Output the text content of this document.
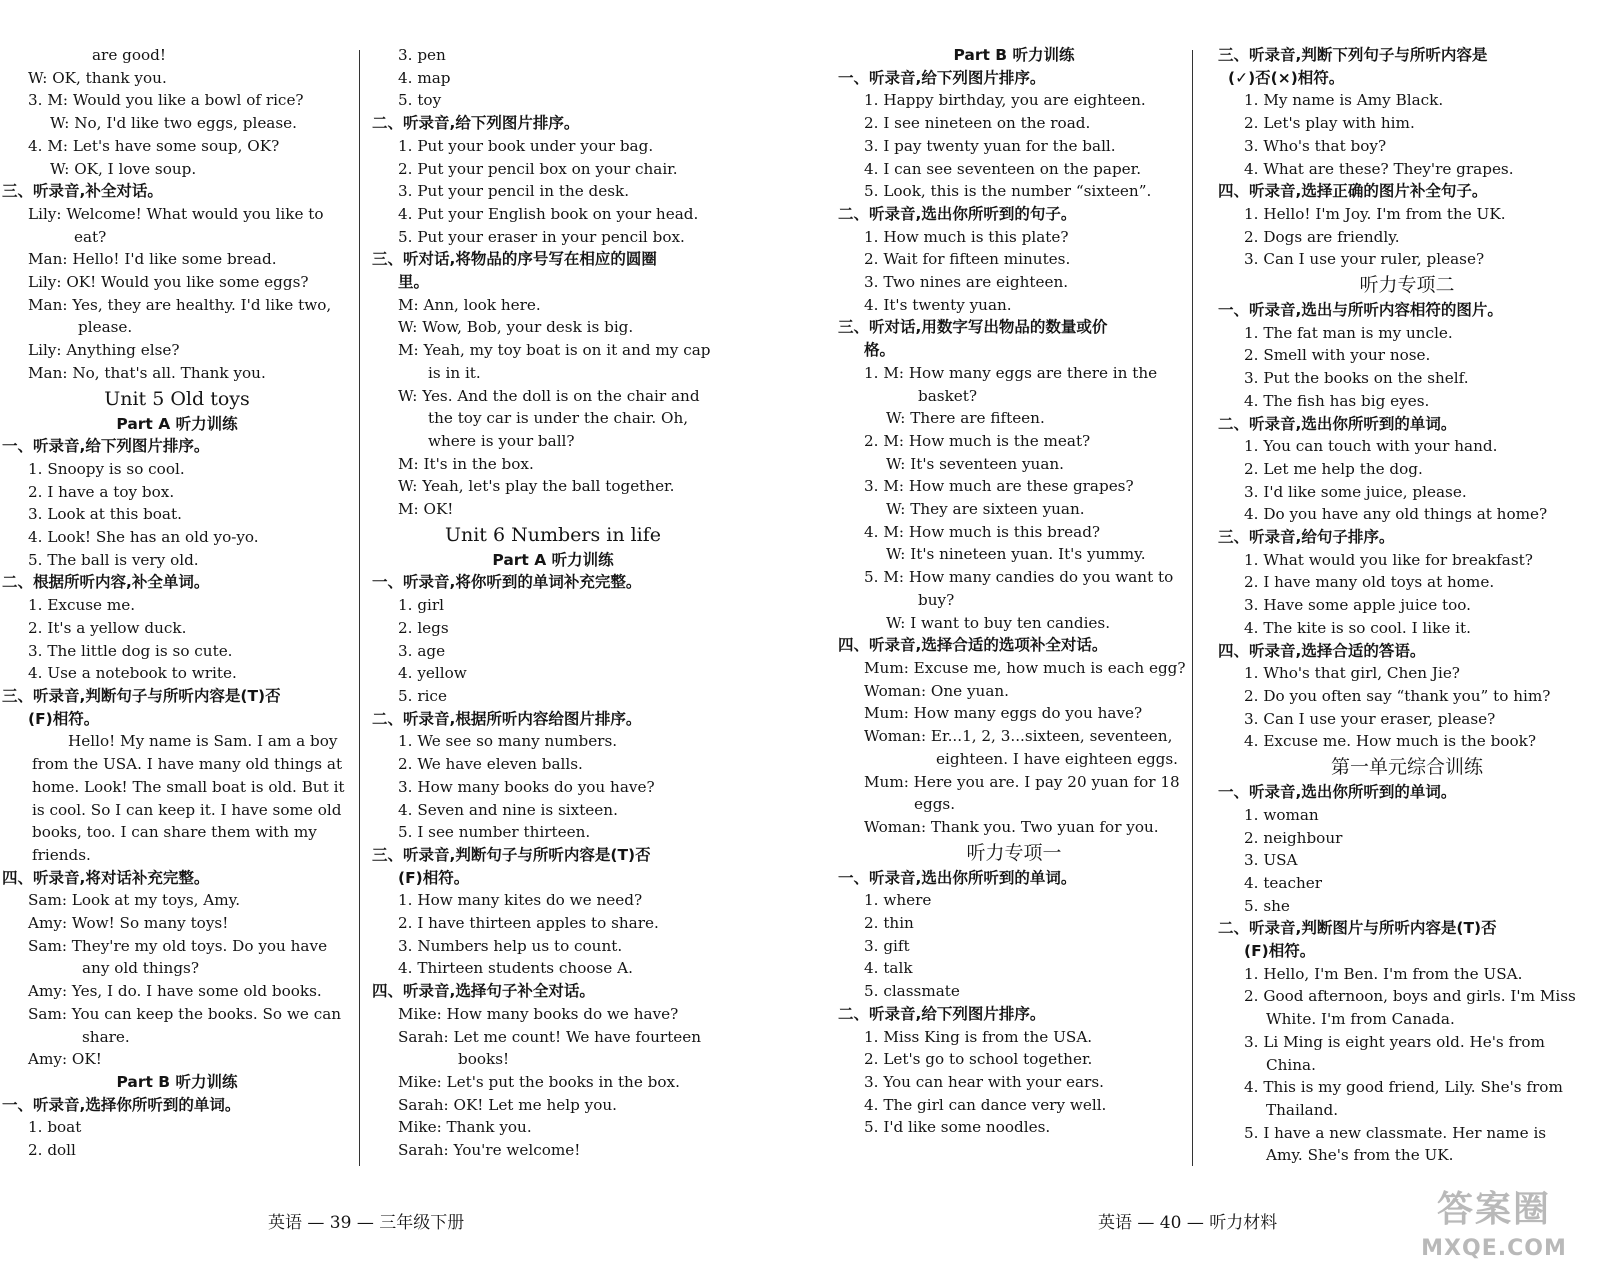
are good!
W: OK, thank you.
3. M: Would you like a bowl of rice?
W: No, I'd like two eggs, please.
4. M: Let's have some soup, OK?
W: OK, I love soup.
三、听录音,补全对话。
Lily: Welcome! What would you like to
eat?
Man: Hello! I'd like some bread.
Lily: OK! Would you like some eggs?
Man: Yes, they are healthy. I'd like two,
please.
Lily: Anything else?
Man: No, that's all. Thank you.
Unit 5 Old toys
Part A 听力训练
一、听录音,给下列图片排序。
1. Snoopy is so cool.
2. I have a toy box.
3. Look at this boat.
4. Look! She has an old yo-yo.
5. The ball is very old.
二、根据所听内容,补全单词。
1. Excuse me.
2. It's a yellow duck.
3. The little dog is so cute.
4. Use a notebook to write.
三、听录音,判断句子与所听内容是(T)否
(F)相符。
Hello! My name is Sam. I am a boy
from the USA. I have many old things at
home. Look! The small boat is old. But it
is cool. So I can keep it. I have some old
books, too. I can share them with my
friends.
四、听录音,将对话补充完整。
Sam: Look at my toys, Amy.
Amy: Wow! So many toys!
Sam: They're my old toys. Do you have
any old things?
Amy: Yes, I do. I have some old books.
Sam: You can keep the books. So we can
share.
Amy: OK!
Part B 听力训练
一、听录音,选择你所听到的单词。
1. boat
2. doll
3. pen
4. map
5. toy
二、听录音,给下列图片排序。
1. Put your book under your bag.
2. Put your pencil box on your chair.
3. Put your pencil in the desk.
4. Put your English book on your head.
5. Put your eraser in your pencil box.
三、听对话,将物品的序号写在相应的圆圈
里。
M: Ann, look here.
W: Wow, Bob, your desk is big.
M: Yeah, my toy boat is on it and my cap
is in it.
W: Yes. And the doll is on the chair and
the toy car is under the chair. Oh,
where is your ball?
M: It's in the box.
W: Yeah, let's play the ball together.
M: OK!
Unit 6 Numbers in life
Part A 听力训练
一、听录音,将你听到的单词补充完整。
1. girl
2. legs
3. age
4. yellow
5. rice
二、听录音,根据所听内容给图片排序。
1. We see so many numbers.
2. We have eleven balls.
3. How many books do you have?
4. Seven and nine is sixteen.
5. I see number thirteen.
三、听录音,判断句子与所听内容是(T)否
(F)相符。
1. How many kites do we need?
2. I have thirteen apples to share.
3. Numbers help us to count.
4. Thirteen students choose A.
四、听录音,选择句子补全对话。
Mike: How many books do we have?
Sarah: Let me count! We have fourteen
books!
Mike: Let's put the books in the box.
Sarah: OK! Let me help you.
Mike: Thank you.
Sarah: You're welcome!
Part B 听力训练
一、听录音,给下列图片排序。
1. Happy birthday, you are eighteen.
2. I see nineteen on the road.
3. I pay twenty yuan for the ball.
4. I can see seventeen on the paper.
5. Look, this is the number “sixteen”.
二、听录音,选出你所听到的句子。
1. How much is this plate?
2. Wait for fifteen minutes.
3. Two nines are eighteen.
4. It's twenty yuan.
三、听对话,用数字写出物品的数量或价
格。
1. M: How many eggs are there in the
basket?
W: There are fifteen.
2. M: How much is the meat?
W: It's seventeen yuan.
3. M: How much are these grapes?
W: They are sixteen yuan.
4. M: How much is this bread?
W: It's nineteen yuan. It's yummy.
5. M: How many candies do you want to
buy?
W: I want to buy ten candies.
四、听录音,选择合适的选项补全对话。
Mum: Excuse me, how much is each egg?
Woman: One yuan.
Mum: How many eggs do you have?
Woman: Er...1, 2, 3...sixteen, seventeen,
eighteen. I have eighteen eggs.
Mum: Here you are. I pay 20 yuan for 18
eggs.
Woman: Thank you. Two yuan for you.
听力专项一
一、听录音,选出你所听到的单词。
1. where
2. thin
3. gift
4. talk
5. classmate
二、听录音,给下列图片排序。
1. Miss King is from the USA.
2. Let's go to school together.
3. You can hear with your ears.
4. The girl can dance very well.
5. I'd like some noodles.
三、听录音,判断下列句子与所听内容是
(✓)否(×)相符。
1. My name is Amy Black.
2. Let's play with him.
3. Who's that boy?
4. What are these? They're grapes.
四、听录音,选择正确的图片补全句子。
1. Hello! I'm Joy. I'm from the UK.
2. Dogs are friendly.
3. Can I use your ruler, please?
听力专项二
一、听录音,选出与所听内容相符的图片。
1. The fat man is my uncle.
2. Smell with your nose.
3. Put the books on the shelf.
4. The fish has big eyes.
二、听录音,选出你所听到的单词。
1. You can touch with your hand.
2. Let me help the dog.
3. I'd like some juice, please.
4. Do you have any old things at home?
三、听录音,给句子排序。
1. What would you like for breakfast?
2. I have many old toys at home.
3. Have some apple juice too.
4. The kite is so cool. I like it.
四、听录音,选择合适的答语。
1. Who's that girl, Chen Jie?
2. Do you often say “thank you” to him?
3. Can I use your eraser, please?
4. Excuse me. How much is the book?
第一单元综合训练
一、听录音,选出你所听到的单词。
1. woman
2. neighbour
3. USA
4. teacher
5. she
二、听录音,判断图片与所听内容是(T)否
(F)相符。
1. Hello, I'm Ben. I'm from the USA.
2. Good afternoon, boys and girls. I'm Miss
White. I'm from Canada.
3. Li Ming is eight years old. He's from
China.
4. This is my good friend, Lily. She's from
Thailand.
5. I have a new classmate. Her name is
Amy. She's from the UK.
英语 — 39 — 三年级下册	英语 — 40 — 听力材料	答案圈
MXQE.COM
